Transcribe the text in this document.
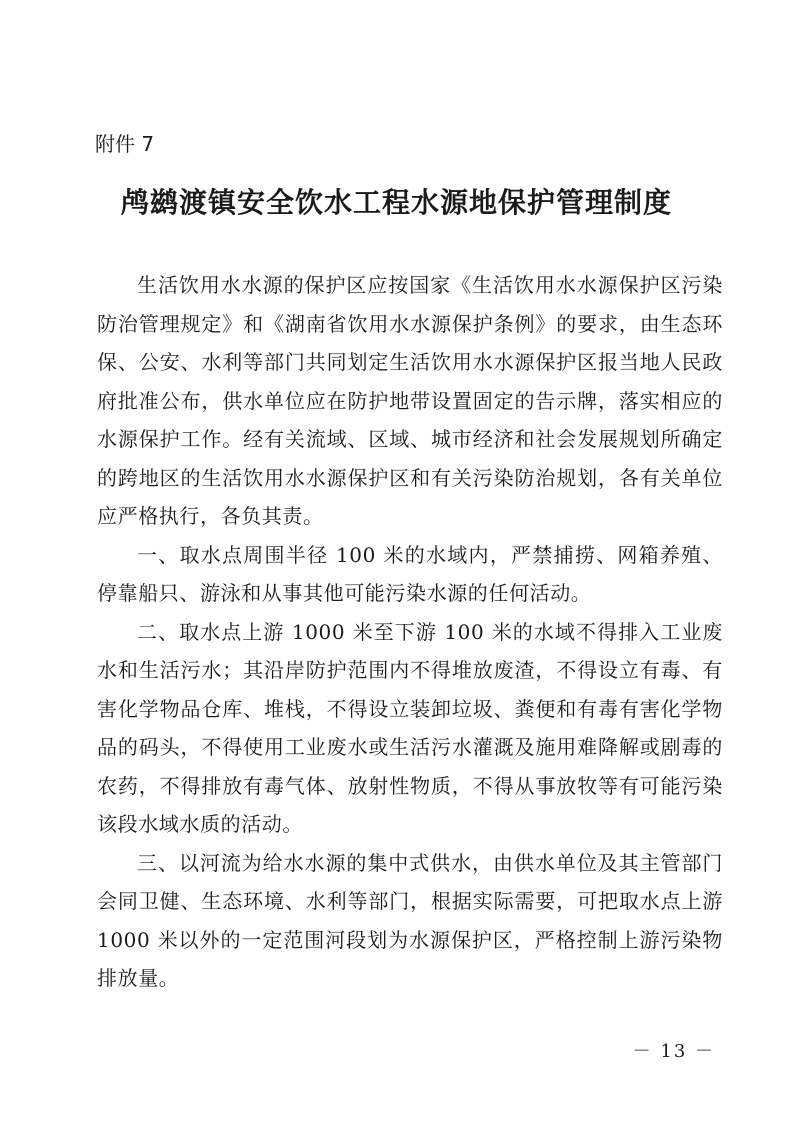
附件 7
鸬鹚渡镇安全饮水工程水源地保护管理制度

生活饮用水水源的保护区应按国家《生活饮用水水源保护区污染防治管理规定》和《湖南省饮用水水源保护条例》的要求，由生态环保、公安、水利等部门共同划定生活饮用水水源保护区报当地人民政府批准公布，供水单位应在防护地带设置固定的告示牌，落实相应的水源保护工作。经有关流域、区域、城市经济和社会发展规划所确定的跨地区的生活饮用水水源保护区和有关污染防治规划，各有关单位应严格执行，各负其责。

一、取水点周围半径 100 米的水域内，严禁捕捞、网箱养殖、停靠船只、游泳和从事其他可能污染水源的任何活动。

二、取水点上游 1000 米至下游 100 米的水域不得排入工业废水和生活污水；其沿岸防护范围内不得堆放废渣，不得设立有毒、有害化学物品仓库、堆栈，不得设立装卸垃圾、粪便和有毒有害化学物品的码头，不得使用工业废水或生活污水灌溉及施用难降解或剧毒的农药，不得排放有毒气体、放射性物质，不得从事放牧等有可能污染该段水域水质的活动。

三、以河流为给水水源的集中式供水，由供水单位及其主管部门会同卫健、生态环境、水利等部门，根据实际需要，可把取水点上游 1000 米以外的一定范围河段划为水源保护区，严格控制上游污染物排放量。

－ 13 －
